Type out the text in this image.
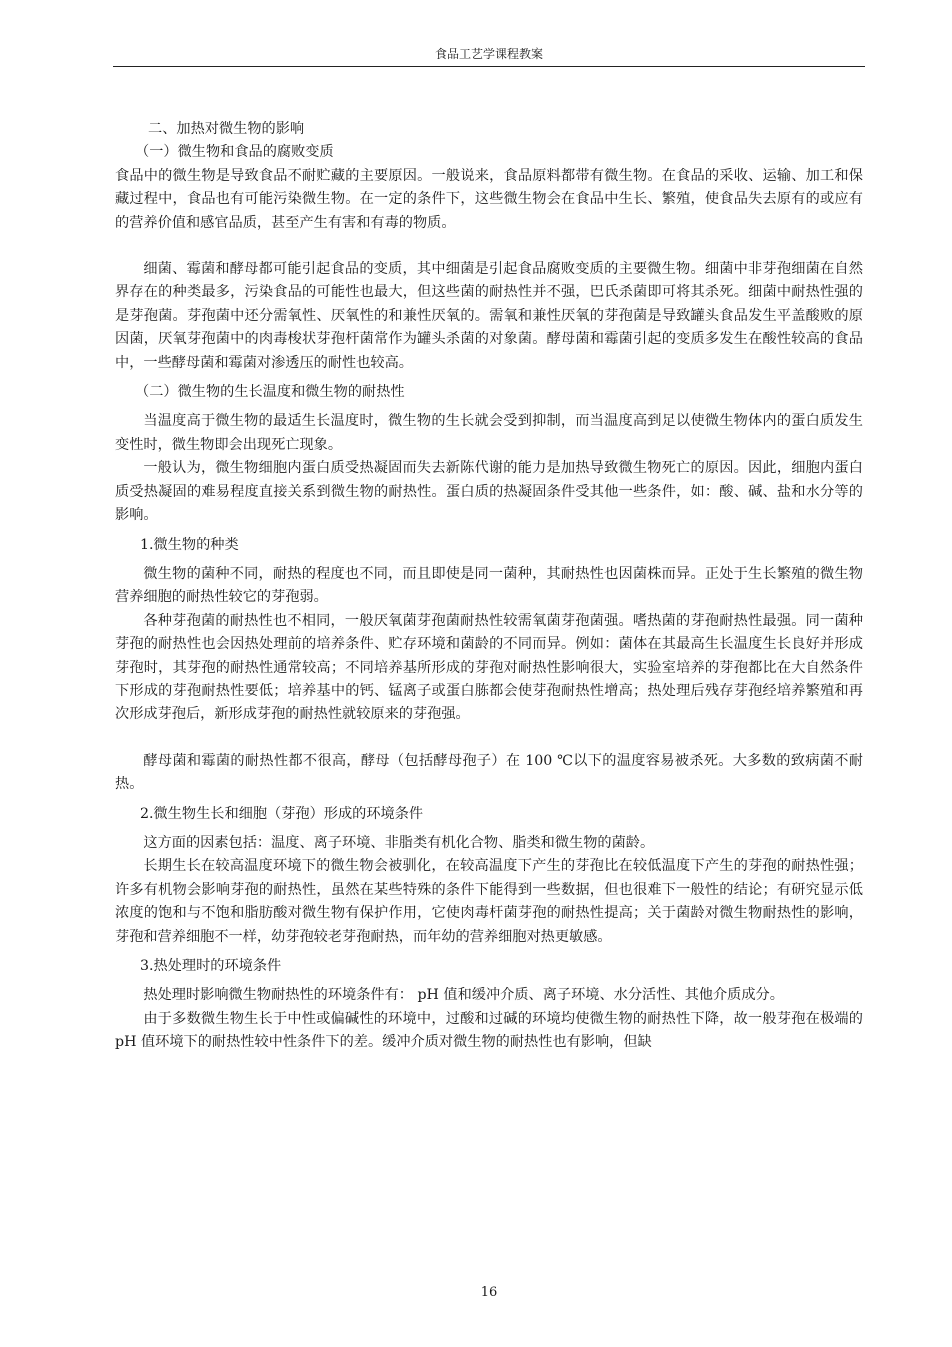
食品工艺学课程教案

二、加热对微生物的影响

（一）微生物和食品的腐败变质

食品中的微生物是导致食品不耐贮藏的主要原因。一般说来，食品原料都带有微生物。在食品的采收、运输、加工和保藏过程中，食品也有可能污染微生物。在一定的条件下，这些微生物会在食品中生长、繁殖，使食品失去原有的或应有的营养价值和感官品质，甚至产生有害和有毒的物质。

细菌、霉菌和酵母都可能引起食品的变质，其中细菌是引起食品腐败变质的主要微生物。细菌中非芽孢细菌在自然界存在的种类最多，污染食品的可能性也最大，但这些菌的耐热性并不强，巴氏杀菌即可将其杀死。细菌中耐热性强的是芽孢菌。芽孢菌中还分需氧性、厌氧性的和兼性厌氧的。需氧和兼性厌氧的芽孢菌是导致罐头食品发生平盖酸败的原因菌，厌氧芽孢菌中的肉毒梭状芽孢杆菌常作为罐头杀菌的对象菌。酵母菌和霉菌引起的变质多发生在酸性较高的食品中，一些酵母菌和霉菌对渗透压的耐性也较高。

（二）微生物的生长温度和微生物的耐热性

当温度高于微生物的最适生长温度时，微生物的生长就会受到抑制，而当温度高到足以使微生物体内的蛋白质发生变性时，微生物即会出现死亡现象。

一般认为，微生物细胞内蛋白质受热凝固而失去新陈代谢的能力是加热导致微生物死亡的原因。因此，细胞内蛋白质受热凝固的难易程度直接关系到微生物的耐热性。蛋白质的热凝固条件受其他一些条件，如：酸、碱、盐和水分等的影响。

1.微生物的种类

微生物的菌种不同，耐热的程度也不同，而且即使是同一菌种，其耐热性也因菌株而异。正处于生长繁殖的微生物营养细胞的耐热性较它的芽孢弱。

各种芽孢菌的耐热性也不相同，一般厌氧菌芽孢菌耐热性较需氧菌芽孢菌强。嗜热菌的芽孢耐热性最强。同一菌种芽孢的耐热性也会因热处理前的培养条件、贮存环境和菌龄的不同而异。例如：菌体在其最高生长温度生长良好并形成芽孢时，其芽孢的耐热性通常较高；不同培养基所形成的芽孢对耐热性影响很大，实验室培养的芽孢都比在大自然条件下形成的芽孢耐热性要低；培养基中的钙、锰离子或蛋白胨都会使芽孢耐热性增高；热处理后残存芽孢经培养繁殖和再次形成芽孢后，新形成芽孢的耐热性就较原来的芽孢强。

酵母菌和霉菌的耐热性都不很高，酵母（包括酵母孢子）在 100 ℃以下的温度容易被杀死。大多数的致病菌不耐热。

2.微生物生长和细胞（芽孢）形成的环境条件

这方面的因素包括：温度、离子环境、非脂类有机化合物、脂类和微生物的菌龄。

长期生长在较高温度环境下的微生物会被驯化，在较高温度下产生的芽孢比在较低温度下产生的芽孢的耐热性强；许多有机物会影响芽孢的耐热性，虽然在某些特殊的条件下能得到一些数据，但也很难下一般性的结论；有研究显示低浓度的饱和与不饱和脂肪酸对微生物有保护作用，它使肉毒杆菌芽孢的耐热性提高；关于菌龄对微生物耐热性的影响，芽孢和营养细胞不一样，幼芽孢较老芽孢耐热，而年幼的营养细胞对热更敏感。

3.热处理时的环境条件

热处理时影响微生物耐热性的环境条件有： pH 值和缓冲介质、离子环境、水分活性、其他介质成分。

由于多数微生物生长于中性或偏碱性的环境中，过酸和过碱的环境均使微生物的耐热性下降，故一般芽孢在极端的 pH 值环境下的耐热性较中性条件下的差。缓冲介质对微生物的耐热性也有影响，但缺

16
